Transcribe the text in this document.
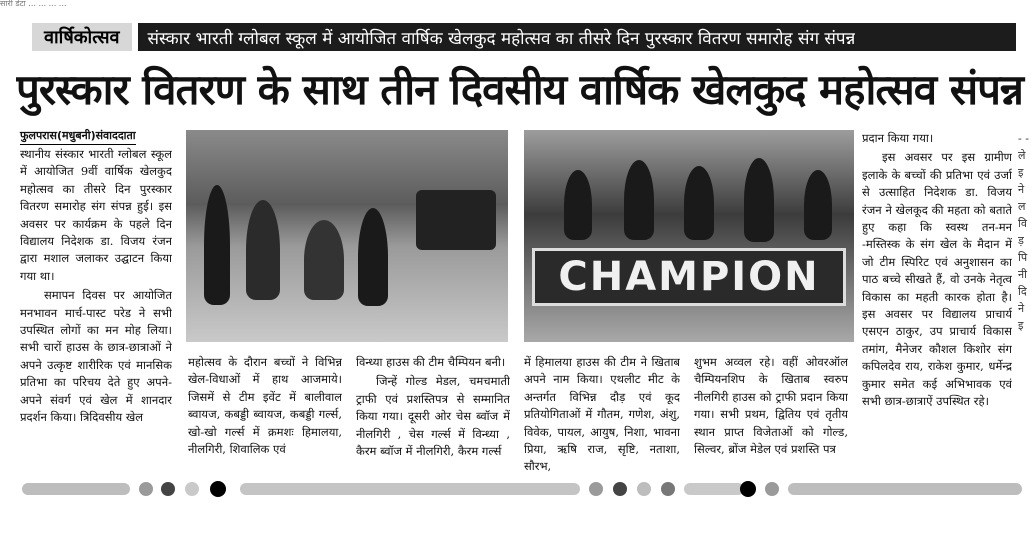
सारी डेटा ... ... ... ...
वार्षिकोत्सव	संस्कार भारती ग्लोबल स्कूल में आयोजित वार्षिक खेलकुद महोत्सव का तीसरे दिन पुरस्कार वितरण समारोह संग संपन्न
पुरस्कार वितरण के साथ तीन दिवसीय वार्षिक खेलकुद महोत्सव संपन्न
फुलपरास(मधुबनी)संवाददाता

स्थानीय संस्कार भारती ग्लोबल स्कूल में आयोजित 9वीं वार्षिक खेलकुद महोत्सव का तीसरे दिन पुरस्कार वितरण समारोह संग संपन्न हुई। इस अवसर पर कार्यक्रम के पहले दिन विद्यालय निदेशक डा. विजय रंजन द्वारा मशाल जलाकर उद्घाटन किया गया था।

समापन दिवस पर आयोजित मनभावन मार्च-पास्ट परेड ने सभी उपस्थित लोगों का मन मोह लिया। सभी चारों हाउस के छात्र-छात्राओं ने अपने उत्कृष्ट शारीरिक एवं मानसिक प्रतिभा का परिचय देते हुए अपने-अपने संवर्ग एवं खेल में शानदार प्रदर्शन किया। त्रिदिवसीय खेल

CHAMPION

महोत्सव के दौरान बच्चों ने विभिन्न खेल-विधाओं में हाथ आजमाये। जिसमें से टीम इवेंट में बालीवाल ब्वायज, कबड्डी ब्वायज, कबड्डी गर्ल्स, खो-खो गर्ल्स में क्रमशः हिमालया, नीलगिरी, शिवालिक एवं

विन्ध्या हाउस की टीम चैम्पियन बनी।

जिन्हें गोल्ड मेडल, चमचमाती ट्राफी एवं प्रशस्तिपत्र से सम्मानित किया गया। दूसरी ओर चेस ब्वॉज में नीलगिरी , चेस गर्ल्स में विन्ध्या , कैरम ब्वॉज में नीलगिरी, कैरम गर्ल्स

में हिमालया हाउस की टीम ने खिताब अपने नाम किया। एथलीट मीट के अन्तर्गत विभिन्न दौड़ एवं कूद प्रतियोगिताओं में गौतम, गणेश, अंशु, विवेक, पायल, आयुष, निशा, भावना प्रिया, ऋषि राज, सृष्टि, नताशा, सौरभ,

शुभम अव्वल रहे। वहीं ओवरऑल चैम्पियनशिप के खिताब स्वरुप नीलगिरी हाउस को ट्राफी प्रदान किया गया। सभी प्रथम, द्वितिय एवं तृतीय स्थान प्राप्त विजेताओं को गोल्ड, सिल्वर, ब्रोंज मेडेल एवं प्रशस्ति पत्र

प्रदान किया गया।

इस अवसर पर इस ग्रामीण इलाके के बच्चों की प्रतिभा एवं उर्जा से उत्साहित निदेशक डा. विजय रंजन ने खेलकूद की महता को बताते हुए कहा कि स्वस्थ तन-मन -मस्तिस्क के संग खेल के मैदान में जो टीम स्पिरिट एवं अनुशासन का पाठ बच्चे सीखते हैं, वो उनके नेतृत्व विकास का महती कारक होता है। इस अवसर पर विद्यालय प्राचार्य एसएन ठाकुर, उप प्राचार्य विकास तमांग, मैनेजर कौशल किशोर संग कपिलदेव राय, राकेश कुमार, धर्मेन्द्र कुमार समेत कई अभिभावक एवं सभी छात्र-छात्राऐं उपस्थित रहे।

- -
ले
इ
ने
ल
वि
ड़
पि
नी
दि
ने
इ
